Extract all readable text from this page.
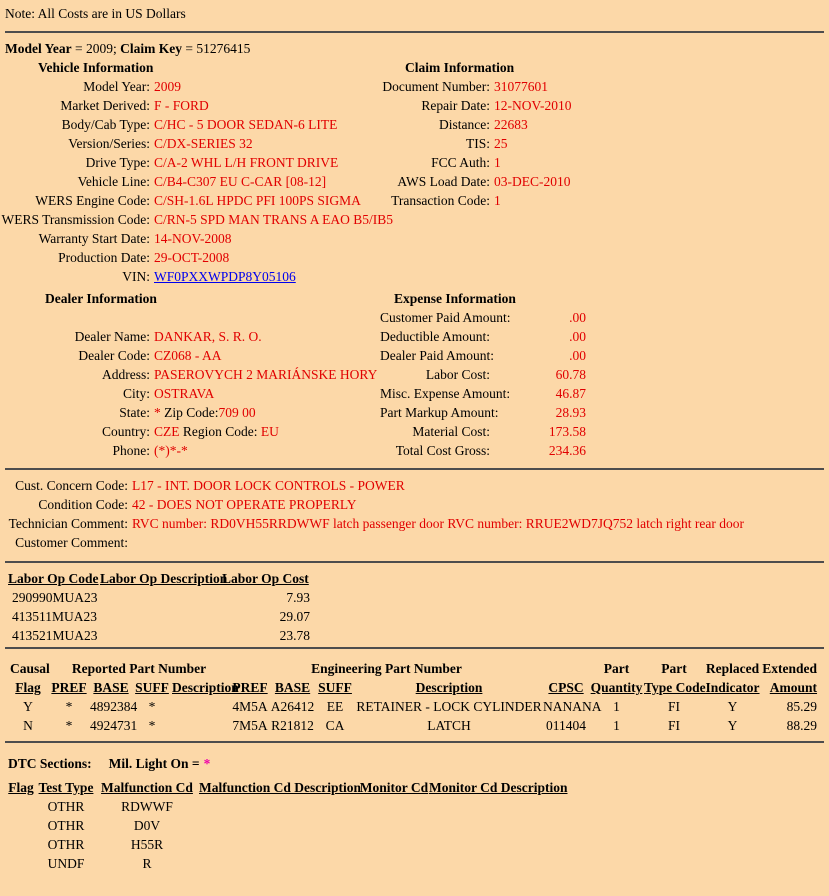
Note: All Costs are in US Dollars
Model Year = 2009; Claim Key = 51276415
Vehicle Information
Model Year: 2009
Market Derived: F - FORD
Body/Cab Type: C/HC - 5 DOOR SEDAN-6 LITE
Version/Series: C/DX-SERIES 32
Drive Type: C/A-2 WHL L/H FRONT DRIVE
Vehicle Line: C/B4-C307 EU C-CAR [08-12]
WERS Engine Code: C/SH-1.6L HPDC PFI 100PS SIGMA
WERS Transmission Code: C/RN-5 SPD MAN TRANS A EAO B5/IB5
Warranty Start Date: 14-NOV-2008
Production Date: 29-OCT-2008
VIN: WF0PXXWPDP8Y05106
Claim Information
Document Number: 31077601
Repair Date: 12-NOV-2010
Distance: 22683
TIS: 25
FCC Auth: 1
AWS Load Date: 03-DEC-2010
Transaction Code: 1
Dealer Information
Dealer Name: DANKAR, S. R. O.
Dealer Code: CZ068 - AA
Address: PASEROVYCH 2 MARIÁNSKE HORY
City: OSTRAVA
State: * Zip Code:709 00
Country: CZE Region Code: EU
Phone: (*)*-*
Expense Information
Customer Paid Amount:	.00
Deductible Amount:	.00
Dealer Paid Amount:	.00
Labor Cost:	60.78
Misc. Expense Amount:	46.87
Part Markup Amount:	28.93
Material Cost:	173.58
Total Cost Gross:	234.36
Cust. Concern Code: L17 - INT. DOOR LOCK CONTROLS - POWER
Condition Code: 42 - DOES NOT OPERATE PROPERLY
Technician Comment: RVC number: RD0VH55RRDWWF latch passenger door RVC number: RRUE2WD7JQ752 latch right rear door
Customer Comment:
Labor Op Code	Labor Op Description	Labor Op Cost
290990MUA23		7.93
413511MUA23		29.07
413521MUA23		23.78
Causal	Reported Part Number				Engineering Part Number					Part	Part	Replaced	Extended
Flag	PREF	BASE	SUFF	Description	PREF	BASE	SUFF	Description	CPSC	Quantity	Type Code	Indicator	Amount
Y	*	4892384	*		4M5A	A26412	EE	RETAINER - LOCK CYLINDER	NANANA	1	FI	Y	85.29
N	*	4924731	*		7M5A	R21812	CA	LATCH	011404	1	FI	Y	88.29
DTC Sections: Mil. Light On = *
Flag	Test Type	Malfunction Cd	Malfunction Cd Description	Monitor Cd	Monitor Cd Description
	OTHR	RDWWF			
	OTHR	D0V			
	OTHR	H55R			
	UNDF	R			
